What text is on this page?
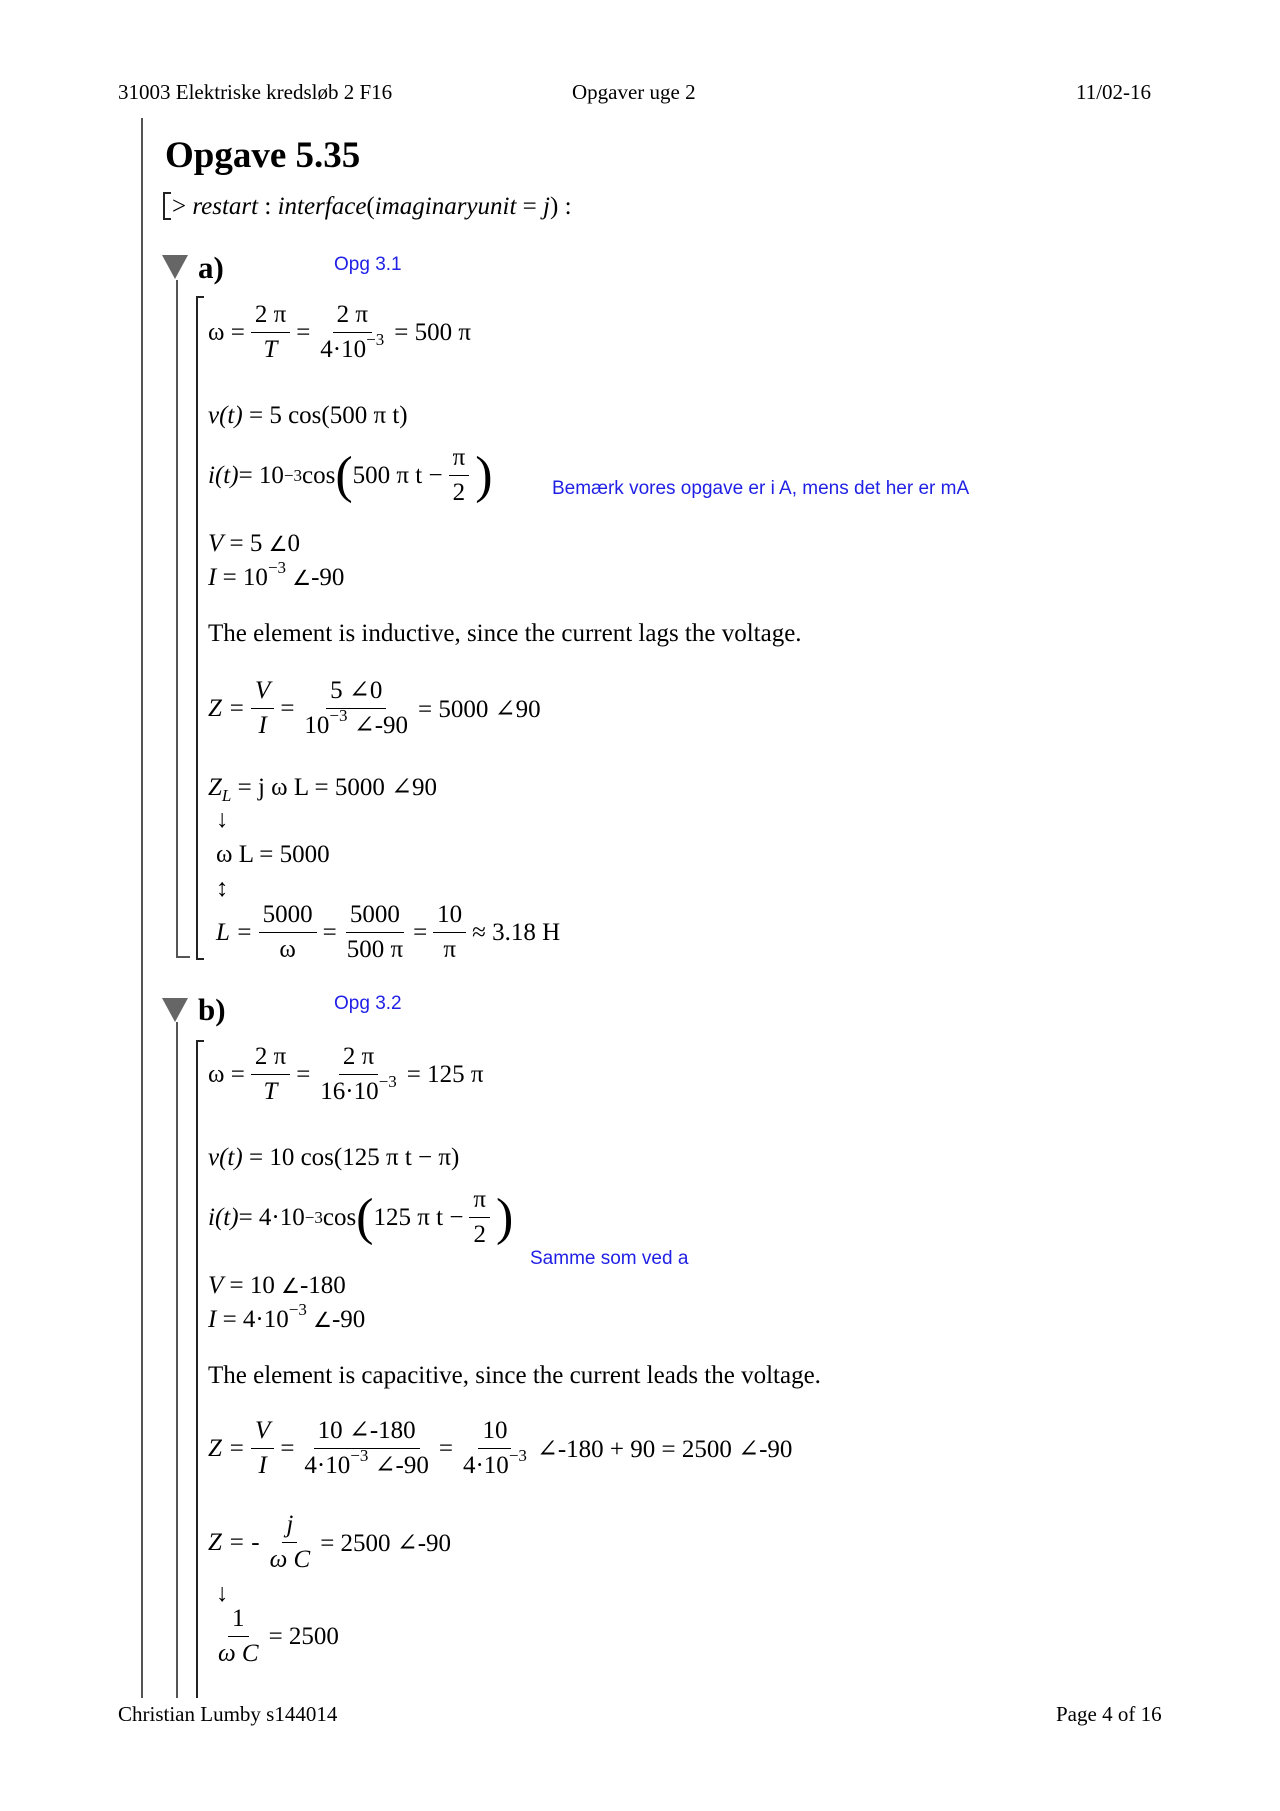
31003 Elektriske kredsløb 2 F16	Opgaver uge 2	11/02-16
Opgave 5.35
> restart : interface(imaginaryunit = j) :
a)	Opg 3.1
$\omega = \frac{2 \pi}{T} = \frac{2 \pi}{4\cdot 10^{-3}} = 500$ π
v(t) = 5 cos(500 π t)
i (t) = 10 −3 cos ( 500 π $t - \frac{\pi}{2}$ )	Bemærk vores opgave er i A, mens det her er mA
V = 5 ∠0
$I = 10^{-3}$ ∠-90
The element is inductive, since the current lags the voltage.
$Z = \frac{V}{I} = \frac{5 \angle 0}{10^{-3} \angle-90} = 5000$ ∠90
$Z_L = j$ ω L = 5000 ∠90
↓
ω L = 5000
↕
$L = \frac{5000}{\omega} = \frac{5000}{500 \pi} = \frac{10}{\pi} \approx 3.18$ H
b)	Opg 3.2
$\omega = \frac{2 \pi}{T} = \frac{2 \pi}{16\cdot 10^{-3}} = 125$ π
v(t) = 10 cos(125 π t − π)
i (t) = 4·10 −3 cos ( 125 π $t - \frac{\pi}{2}$ )
Samme som ved a
V = 10 ∠-180
$I = 4\cdot 10^{-3}$ ∠-90
The element is capacitive, since the current leads the voltage.
$Z = \frac{V}{I} = \frac{10 \angle-180}{4\cdot 10^{-3} \angle-90} = \frac{10}{4\cdot 10^{-3}}$ ∠-180 + 90 = 2500 ∠-90
Z = - $\frac{j}{\text{ω C}} = 2500$ ∠-90
↓
$\frac{1}{\text{ω C}} = 2500$
Christian Lumby s144014	Page 4 of 16
